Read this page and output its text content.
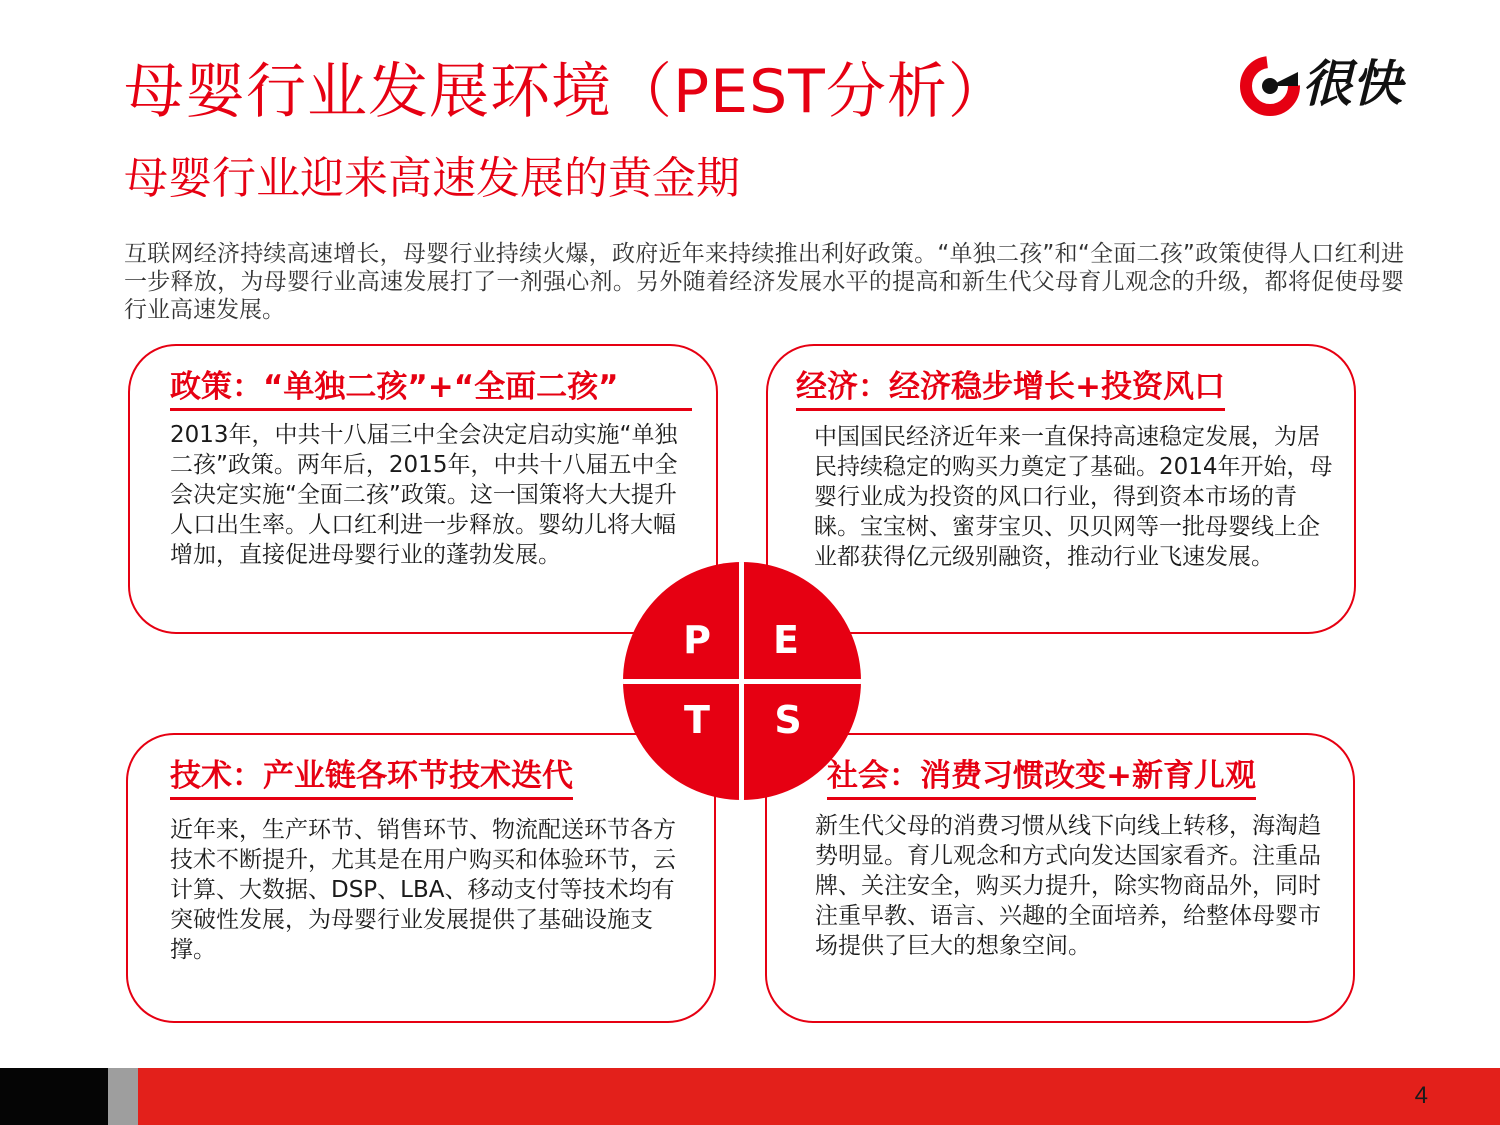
母婴行业发展环境（PEST分析）
母婴行业迎来高速发展的黄金期
很快

互联网经济持续高速增长，母婴行业持续火爆，政府近年来持续推出利好政策。“单独二孩”和“全面二孩”政策使得人口红利进一步释放，为母婴行业高速发展打了一剂强心剂。另外随着经济发展水平的提高和新生代父母育儿观念的升级，都将促使母婴行业高速发展。

政策：“单独二孩”+“全面二孩”

2013年，中共十八届三中全会决定启动实施“单独二孩”政策。两年后，2015年，中共十八届五中全会决定实施“全面二孩”政策。这一国策将大大提升人口出生率。人口红利进一步释放。婴幼儿将大幅增加，直接促进母婴行业的蓬勃发展。

经济：经济稳步增长+投资风口

中国国民经济近年来一直保持高速稳定发展，为居民持续稳定的购买力奠定了基础。2014年开始，母婴行业成为投资的风口行业，得到资本市场的青睐。宝宝树、蜜芽宝贝、贝贝网等一批母婴线上企业都获得亿元级别融资，推动行业飞速发展。

技术：产业链各环节技术迭代

近年来，生产环节、销售环节、物流配送环节各方技术不断提升，尤其是在用户购买和体验环节，云计算、大数据、DSP、LBA、移动支付等技术均有突破性发展，为母婴行业发展提供了基础设施支撑。

社会：消费习惯改变+新育儿观

新生代父母的消费习惯从线下向线上转移，海淘趋势明显。育儿观念和方式向发达国家看齐。注重品牌、关注安全，购买力提升，除实物商品外，同时注重早教、语言、兴趣的全面培养，给整体母婴市场提供了巨大的想象空间。

P E
T S
4
